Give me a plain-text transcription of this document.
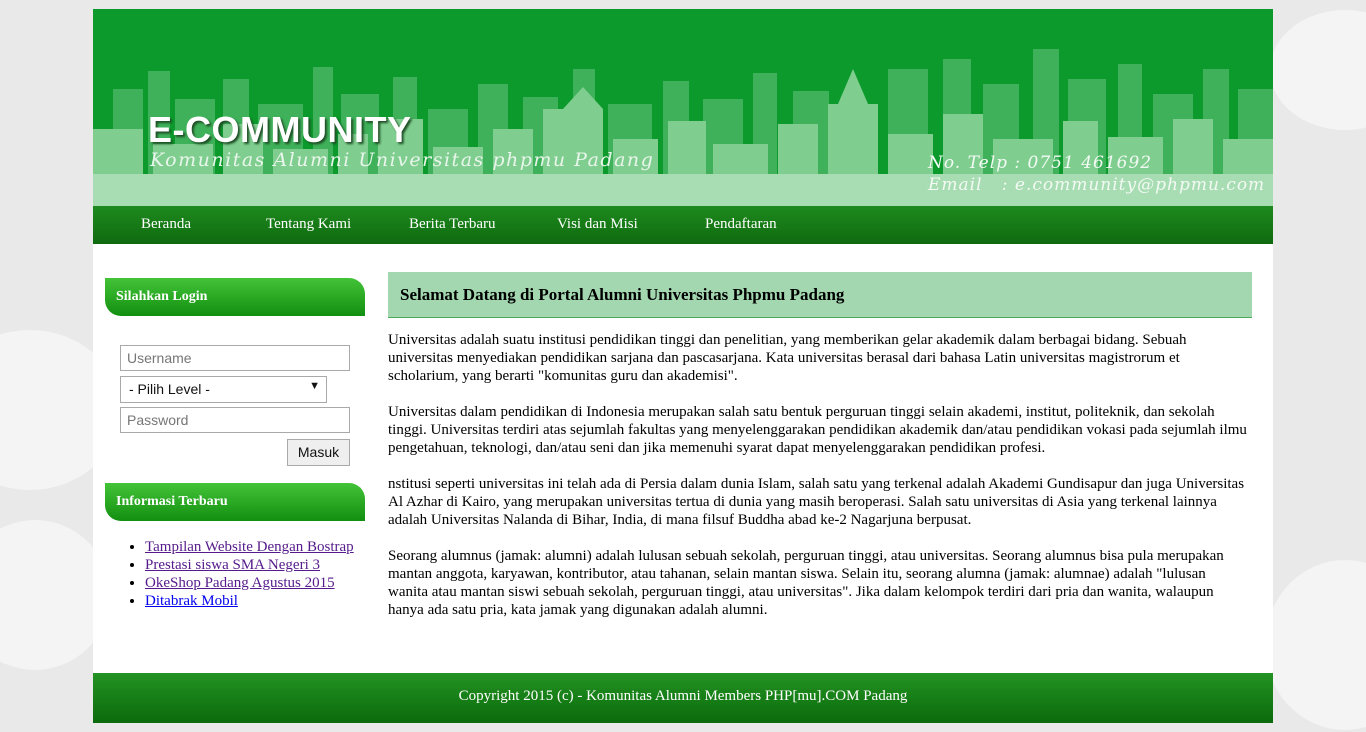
E-COMMUNITY
Komunitas Alumni Universitas phpmu Padang	No. Telp : 0751 461692
Email   : e.community@phpmu.com
Beranda	Tentang Kami	Berita Terbaru	Visi dan Misi	Pendaftaran
Silahkan Login
Username
- Pilih Level -	▼
Password
Masuk
Informasi Terbaru
• Tampilan Website Dengan Bostrap
• Prestasi siswa SMA Negeri 3
• OkeShop Padang Agustus 2015
• Ditabrak Mobil
Selamat Datang di Portal Alumni Universitas Phpmu Padang

Universitas adalah suatu institusi pendidikan tinggi dan penelitian, yang memberikan gelar akademik dalam berbagai bidang. Sebuah universitas menyediakan pendidikan sarjana dan pascasarjana. Kata universitas berasal dari bahasa Latin universitas magistrorum et scholarium, yang berarti "komunitas guru dan akademisi".

Universitas dalam pendidikan di Indonesia merupakan salah satu bentuk perguruan tinggi selain akademi, institut, politeknik, dan sekolah tinggi. Universitas terdiri atas sejumlah fakultas yang menyelenggarakan pendidikan akademik dan/atau pendidikan vokasi pada sejumlah ilmu pengetahuan, teknologi, dan/atau seni dan jika memenuhi syarat dapat menyelenggarakan pendidikan profesi.

nstitusi seperti universitas ini telah ada di Persia dalam dunia Islam, salah satu yang terkenal adalah Akademi Gundisapur dan juga Universitas Al Azhar di Kairo, yang merupakan universitas tertua di dunia yang masih beroperasi. Salah satu universitas di Asia yang terkenal lainnya adalah Universitas Nalanda di Bihar, India, di mana filsuf Buddha abad ke-2 Nagarjuna berpusat.

Seorang alumnus (jamak: alumni) adalah lulusan sebuah sekolah, perguruan tinggi, atau universitas. Seorang alumnus bisa pula merupakan mantan anggota, karyawan, kontributor, atau tahanan, selain mantan siswa. Selain itu, seorang alumna (jamak: alumnae) adalah "lulusan wanita atau mantan siswi sebuah sekolah, perguruan tinggi, atau universitas". Jika dalam kelompok terdiri dari pria dan wanita, walaupun hanya ada satu pria, kata jamak yang digunakan adalah alumni.

Copyright 2015 (c) - Komunitas Alumni Members PHP[mu].COM Padang
